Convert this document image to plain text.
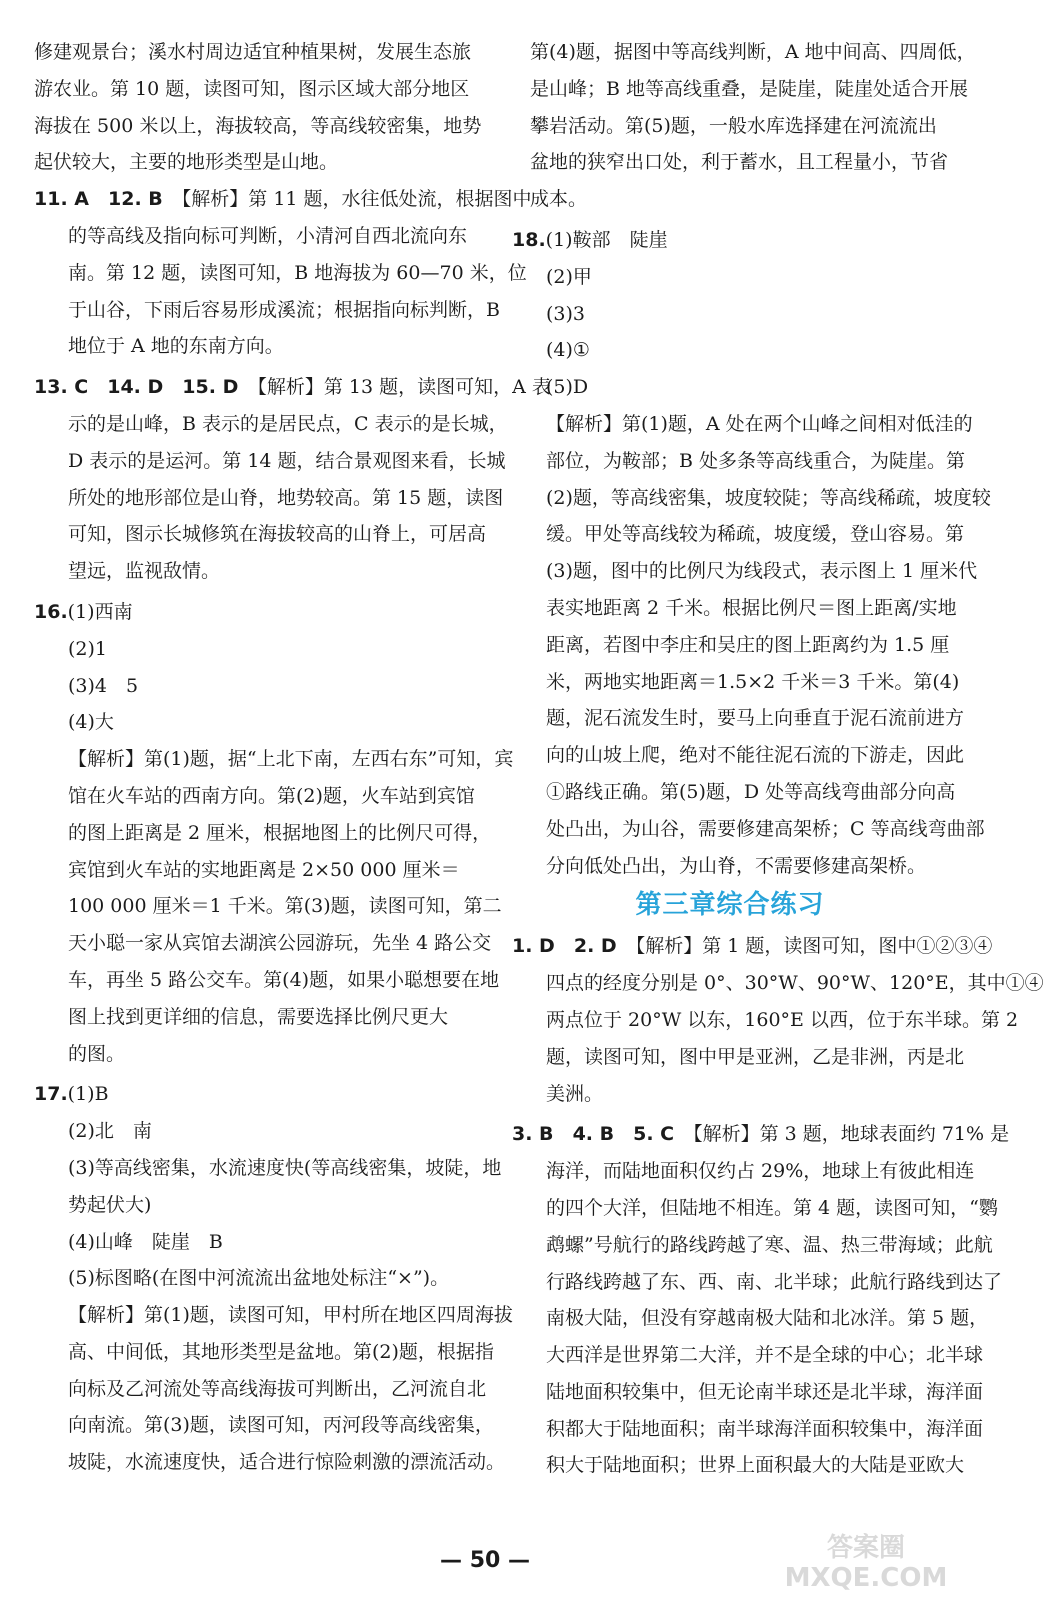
修建观景台；溪水村周边适宜种植果树，发展生态旅
游农业。第 10 题，读图可知，图示区域大部分地区
海拔在 500 米以上，海拔较高，等高线较密集，地势
起伏较大，主要的地形类型是山地。

11. A　 12. B　 【解析】第 11 题，水往低处流，根据图中
的等高线及指向标可判断，小清河自西北流向东
南。第 12 题，读图可知，B 地海拔为 60—70 米，位
于山谷，下雨后容易形成溪流；根据指向标判断，B
地位于 A 地的东南方向。

13. C　 14. D　 15. D　 【解析】第 13 题，读图可知，A 表
示的是山峰，B 表示的是居民点，C 表示的是长城，
D 表示的是运河。第 14 题，结合景观图来看，长城
所处的地形部位是山脊，地势较高。第 15 题，读图
可知，图示长城修筑在海拔较高的山脊上，可居高
望远，监视敌情。

16.(1)西南
(2)1
(3)4　5
(4)大
【解析】第(1)题，据“上北下南，左西右东”可知，宾
馆在火车站的西南方向。第(2)题，火车站到宾馆
的图上距离是 2 厘米，根据地图上的比例尺可得，
宾馆到火车站的实地距离是 2×50 000 厘米＝
100 000 厘米＝1 千米。第(3)题，读图可知，第二
天小聪一家从宾馆去湖滨公园游玩，先坐 4 路公交
车，再坐 5 路公交车。第(4)题，如果小聪想要在地
图上找到更详细的信息，需要选择比例尺更大
的图。

17.(1)B
(2)北　南
(3)等高线密集，水流速度快(等高线密集，坡陡，地
势起伏大)
(4)山峰　陡崖　B
(5)标图略(在图中河流流出盆地处标注“×”)。
【解析】第(1)题，读图可知，甲村所在地区四周海拔
高、中间低，其地形类型是盆地。第(2)题，根据指
向标及乙河流处等高线海拔可判断出，乙河流自北
向南流。第(3)题，读图可知，丙河段等高线密集，
坡陡，水流速度快，适合进行惊险刺激的漂流活动。

第(4)题，据图中等高线判断，A 地中间高、四周低，
是山峰；B 地等高线重叠，是陡崖，陡崖处适合开展
攀岩活动。第(5)题，一般水库选择建在河流流出
盆地的狭窄出口处，利于蓄水，且工程量小，节省
成本。

18.(1)鞍部　陡崖
(2)甲
(3)3
(4)①
(5)D
【解析】第(1)题，A 处在两个山峰之间相对低洼的
部位，为鞍部；B 处多条等高线重合，为陡崖。第
(2)题，等高线密集，坡度较陡；等高线稀疏，坡度较
缓。甲处等高线较为稀疏，坡度缓，登山容易。第
(3)题，图中的比例尺为线段式，表示图上 1 厘米代
表实地距离 2 千米。根据比例尺＝图上距离/实地
距离，若图中李庄和吴庄的图上距离约为 1.5 厘
米，两地实地距离＝1.5×2 千米＝3 千米。第(4)
题，泥石流发生时，要马上向垂直于泥石流前进方
向的山坡上爬，绝对不能往泥石流的下游走，因此
①路线正确。第(5)题，D 处等高线弯曲部分向高
处凸出，为山谷，需要修建高架桥；C 等高线弯曲部
分向低处凸出，为山脊，不需要修建高架桥。

第三章综合练习

1. D　 2. D　 【解析】第 1 题，读图可知，图中①②③④
四点的经度分别是 0°、30°W、90°W、120°E，其中①④
两点位于 20°W 以东，160°E 以西，位于东半球。第 2
题，读图可知，图中甲是亚洲，乙是非洲，丙是北
美洲。

3. B　 4. B　 5. C　 【解析】第 3 题，地球表面约 71% 是
海洋，而陆地面积仅约占 29%，地球上有彼此相连
的四个大洋，但陆地不相连。第 4 题，读图可知，“鹦
鹉螺”号航行的路线跨越了寒、温、热三带海域；此航
行路线跨越了东、西、南、北半球；此航行路线到达了
南极大陆，但没有穿越南极大陆和北冰洋。第 5 题，
大西洋是世界第二大洋，并不是全球的中心；北半球
陆地面积较集中，但无论南半球还是北半球，海洋面
积都大于陆地面积；南半球海洋面积较集中，海洋面
积大于陆地面积；世界上面积最大的大陆是亚欧大

— 50 —	答案圈
MXQE.COM
